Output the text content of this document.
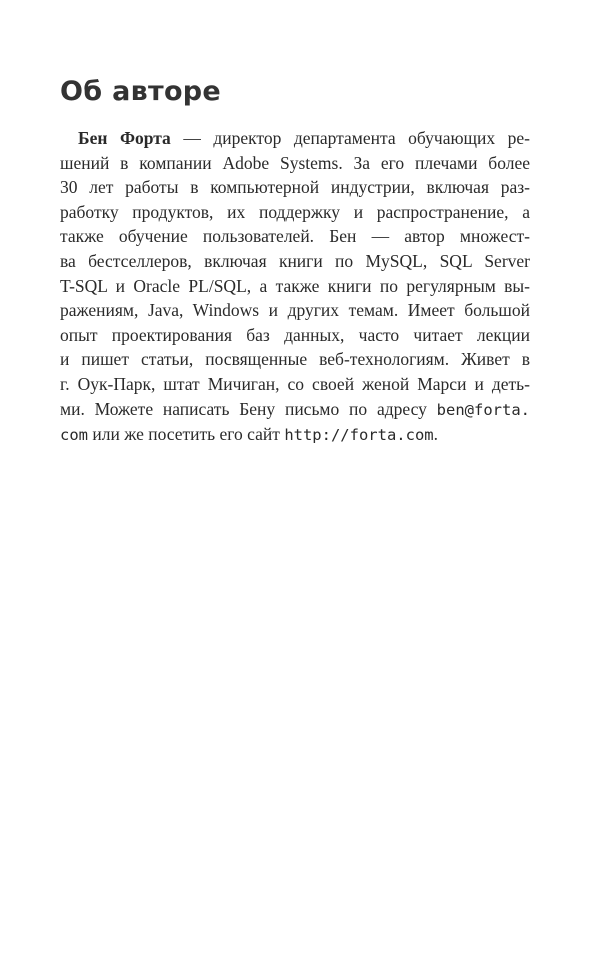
Об авторе
Бен Форта — директор департамента обучающих ре-
шений в компании Adobe Systems. За его плечами более
30 лет работы в компьютерной индустрии, включая раз-
работку продуктов, их поддержку и распространение, а
также обучение пользователей. Бен — автор множест-
ва бестселлеров, включая книги по MySQL, SQL Server
T-SQL и Oracle PL/SQL, а также книги по регулярным вы-
ражениям, Java, Windows и других темам. Имеет большой
опыт проектирования баз данных, часто читает лекции
и пишет статьи, посвященные веб-технологиям. Живет в
г. Оук-Парк, штат Мичиган, со своей женой Марси и деть-
ми. Можете написать Бену письмо по адресу ben@forta.
com или же посетить его сайт http://forta.com.
